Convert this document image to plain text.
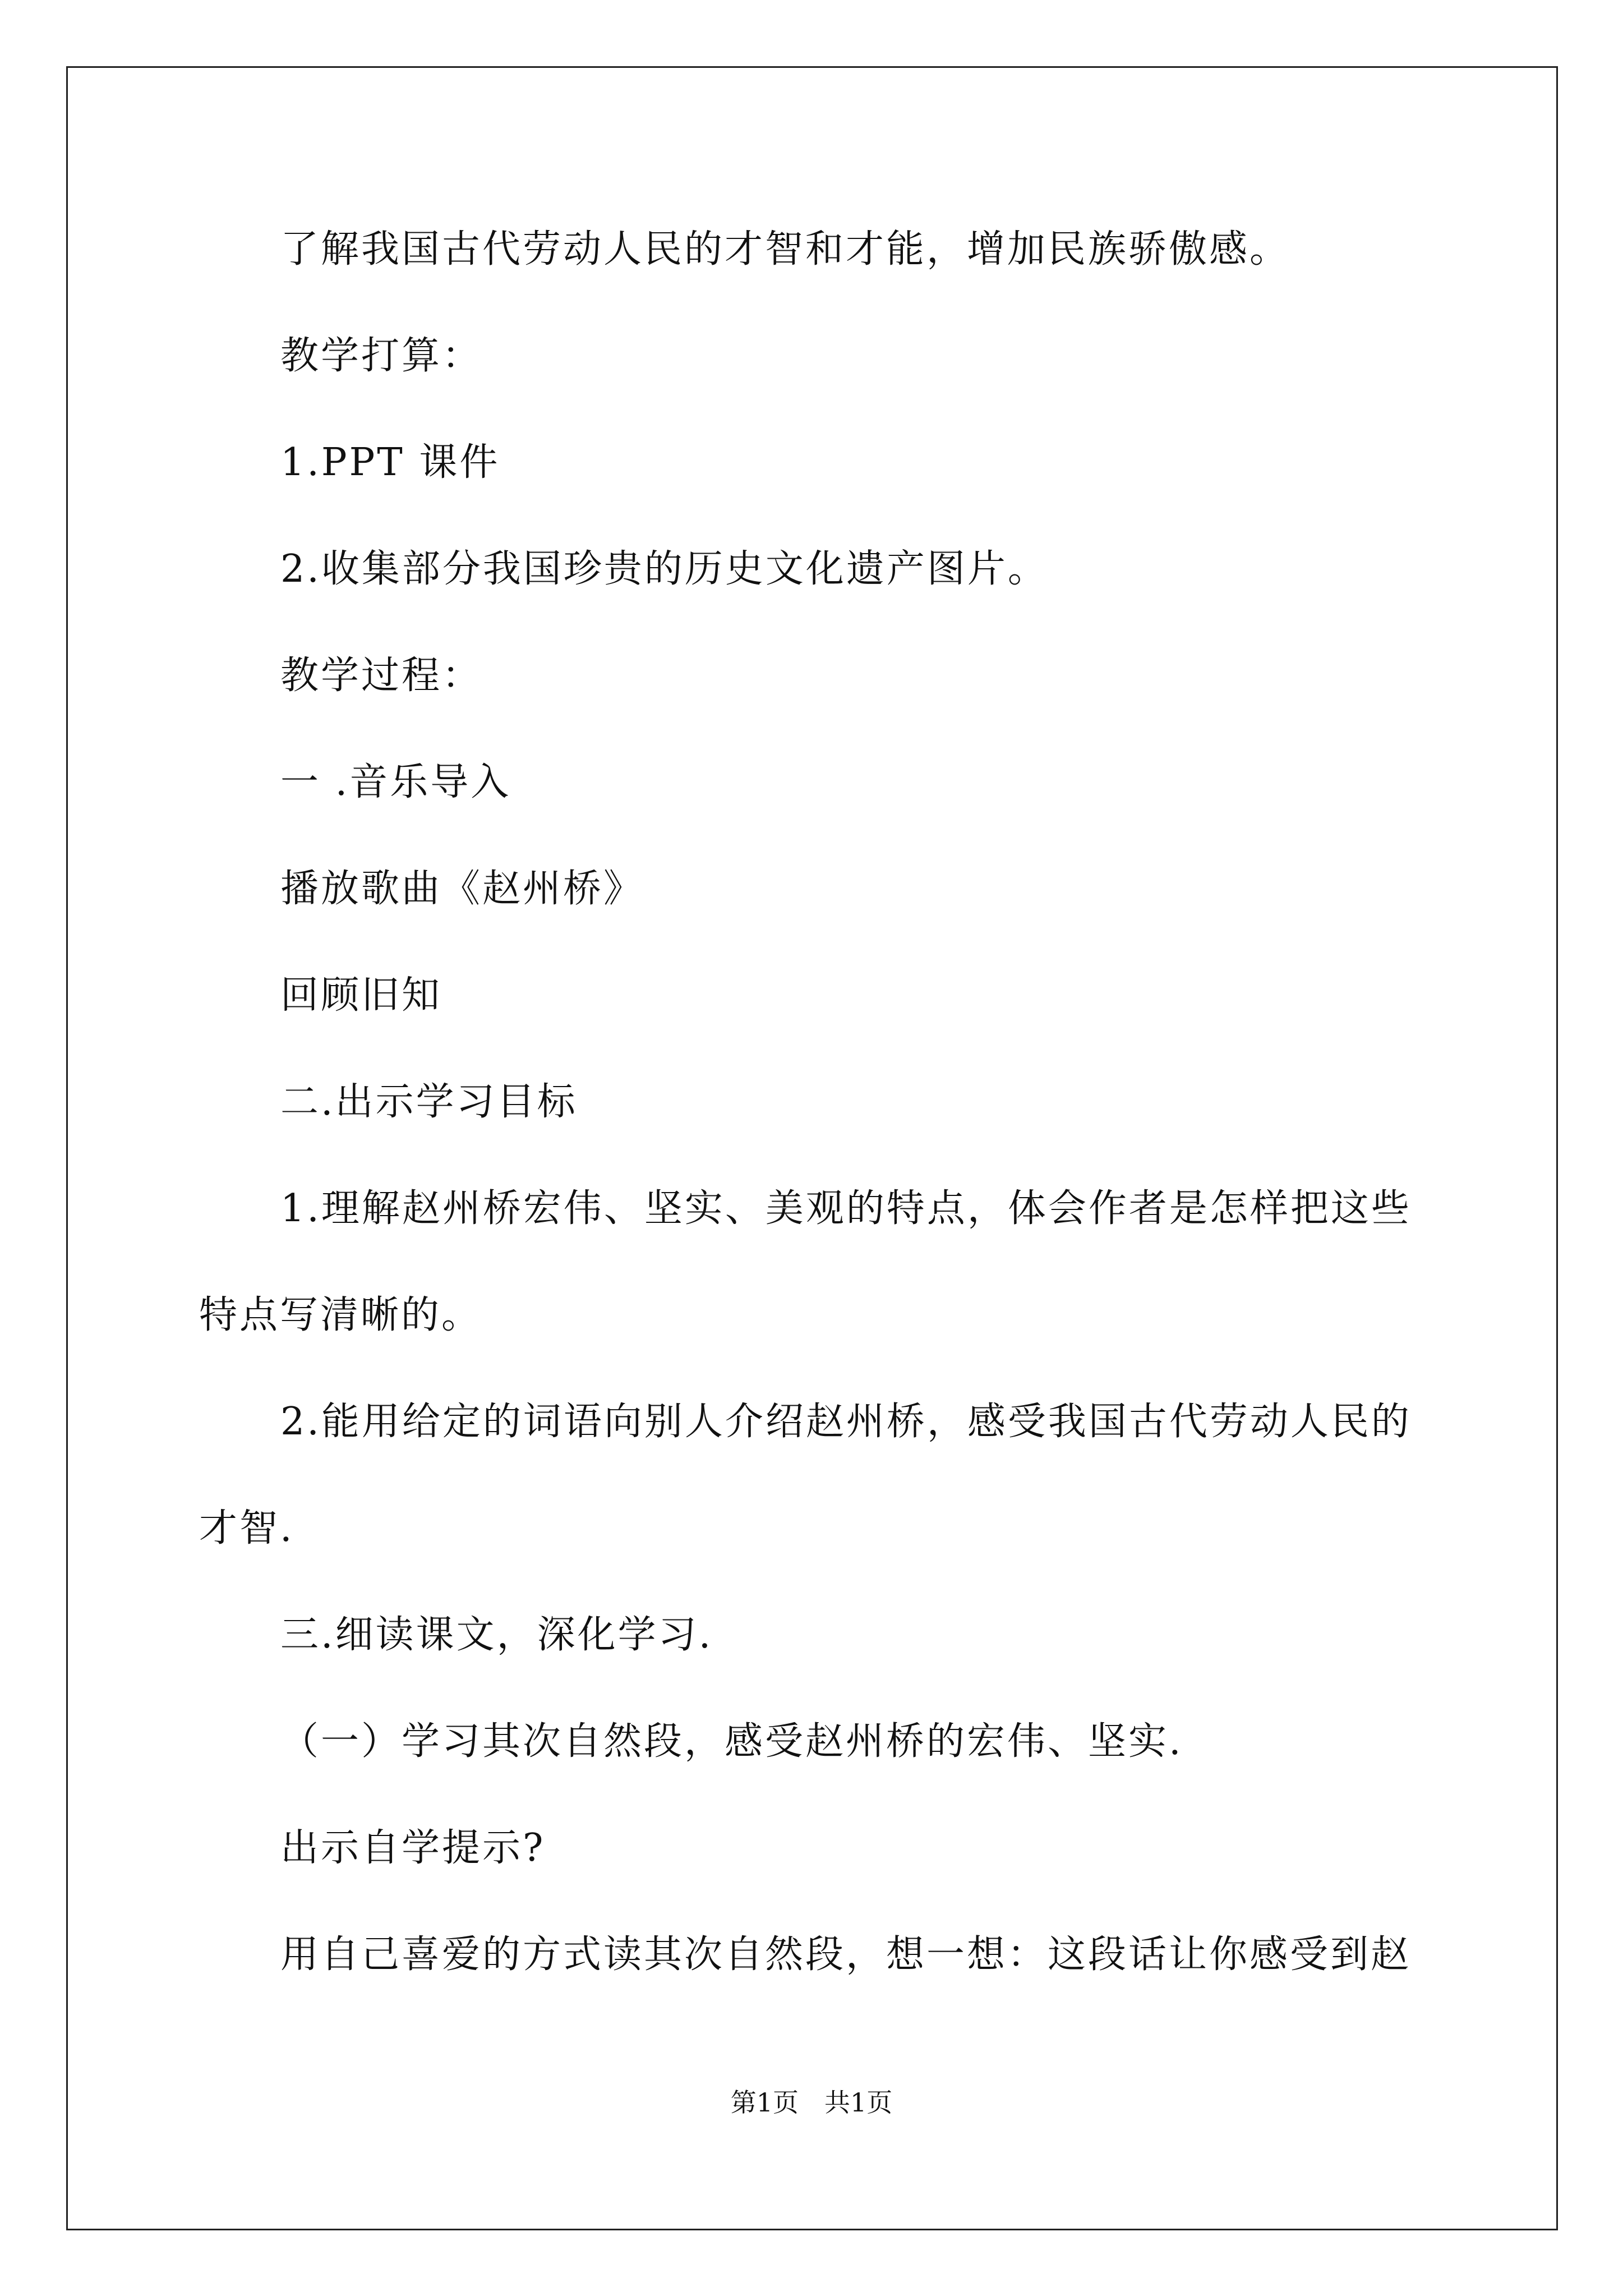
了解我国古代劳动人民的才智和才能，增加民族骄傲感。
教学打算：
1.PPT 课件
2.收集部分我国珍贵的历史文化遗产图片。
教学过程：
一 .音乐导入
播放歌曲《赵州桥》
回顾旧知
二.出示学习目标
1.理解赵州桥宏伟、坚实、美观的特点，体会作者是怎样把这些
特点写清晰的。
2.能用给定的词语向别人介绍赵州桥，感受我国古代劳动人民的
才智.
三.细读课文，深化学习.
（一）学习其次自然段，感受赵州桥的宏伟、坚实.
出示自学提示?
用自己喜爱的方式读其次自然段，想一想：这段话让你感受到赵
第1页　共1页
